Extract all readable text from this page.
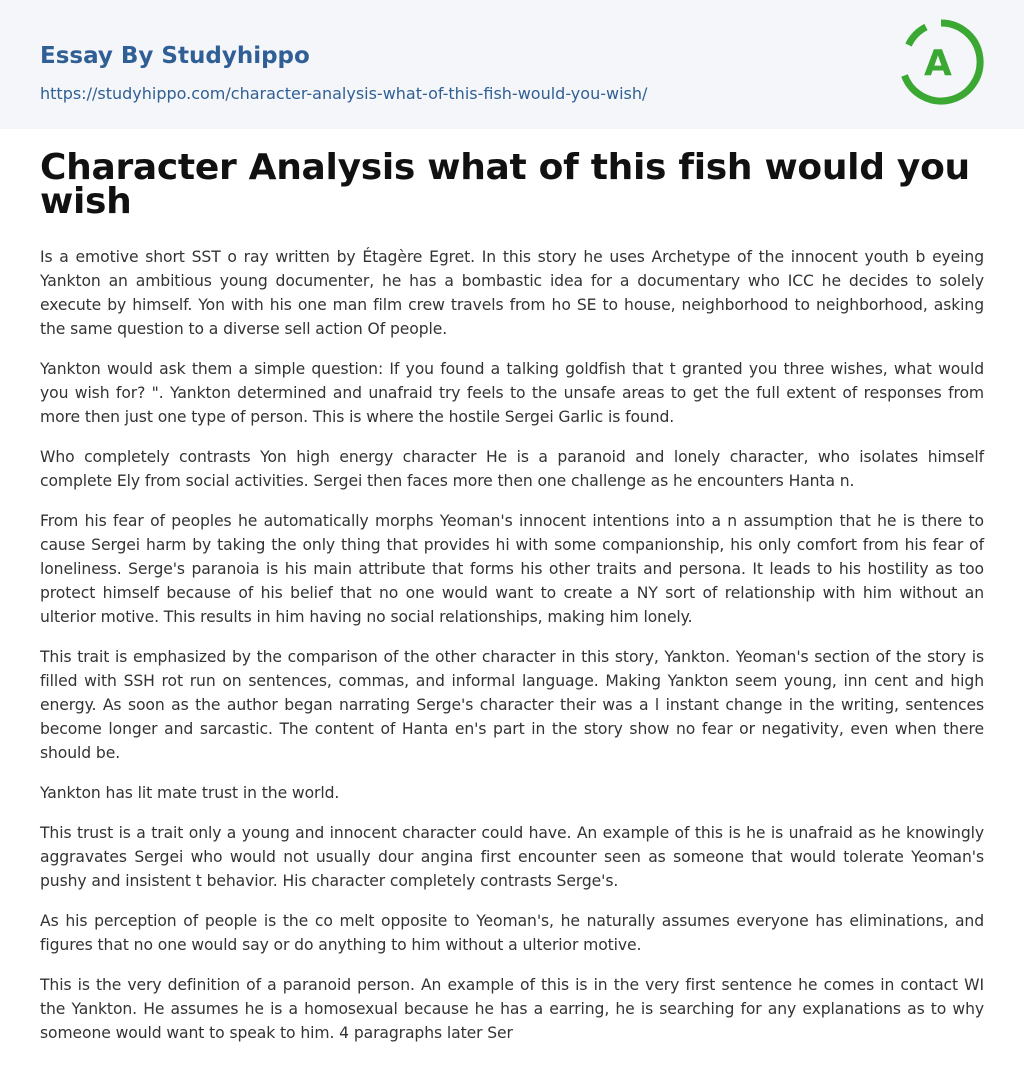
Essay By Studyhippo
https://studyhippo.com/character-analysis-what-of-this-fish-would-you-wish/
A
Character Analysis what of this fish would you wish

Is a emotive short SST o ray written by Étagère Egret. In this story he uses Archetype of the innocent youth b eyeing Yankton an ambitious young documenter, he has a bombastic idea for a documentary who ICC he decides to solely execute by himself. Yon with his one man film crew travels from ho SE to house, neighborhood to neighborhood, asking the same question to a diverse sell action Of people.

Yankton would ask them a simple question: If you found a talking goldfish that t granted you three wishes, what would you wish for? ". Yankton determined and unafraid try feels to the unsafe areas to get the full extent of responses from more then just one type of person. This is where the hostile Sergei Garlic is found.

Who completely contrasts Yon high energy character He is a paranoid and lonely character, who isolates himself complete Ely from social activities. Sergei then faces more then one challenge as he encounters Hanta n.

From his fear of peoples he automatically morphs Yeoman's innocent intentions into a n assumption that he is there to cause Sergei harm by taking the only thing that provides hi with some companionship, his only comfort from his fear of loneliness. Serge's paranoia is his main attribute that forms his other traits and persona. It leads to his hostility as too protect himself because of his belief that no one would want to create a NY sort of relationship with him without an ulterior motive. This results in him having no social relationships, making him lonely.

This trait is emphasized by the comparison of the other character in this story, Yankton. Yeoman's section of the story is filled with SSH rot run on sentences, commas, and informal language. Making Yankton seem young, inn cent and high energy. As soon as the author began narrating Serge's character their was a l instant change in the writing, sentences become longer and sarcastic. The content of Hanta en's part in the story show no fear or negativity, even when there should be.

Yankton has lit mate trust in the world.

This trust is a trait only a young and innocent character could have. An example of this is he is unafraid as he knowingly aggravates Sergei who would not usually dour angina first encounter seen as someone that would tolerate Yeoman's pushy and insistent t behavior. His character completely contrasts Serge's.

As his perception of people is the co melt opposite to Yeoman's, he naturally assumes everyone has eliminations, and figures that no one would say or do anything to him without a ulterior motive.

This is the very definition of a paranoid person. An example of this is in the very first sentence he comes in contact WI the Yankton. He assumes he is a homosexual because he has a earring, he is searching for any explanations as to why someone would want to speak to him. 4 paragraphs later Ser
